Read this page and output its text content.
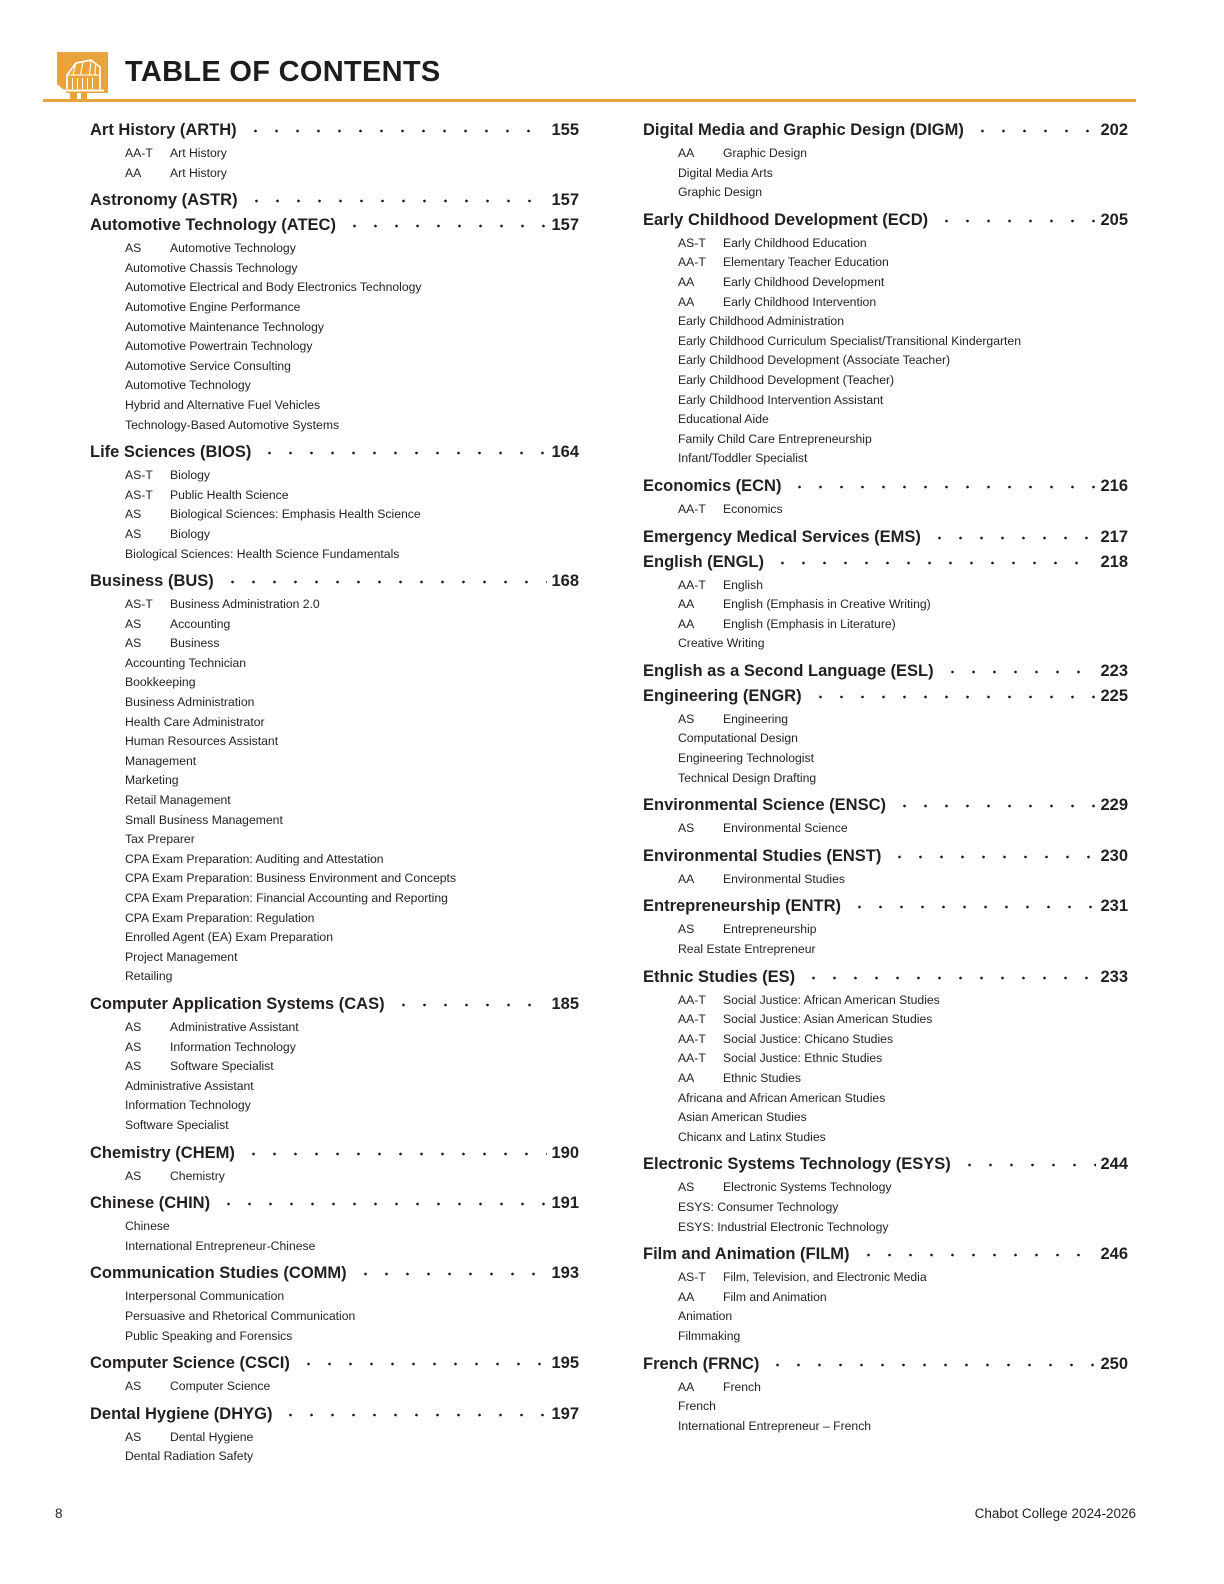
TABLE OF CONTENTS
Art History (ARTH)	155
AA-T	Art History
AA	Art History
Astronomy (ASTR)	157
Automotive Technology (ATEC)	157
AS	Automotive Technology
Automotive Chassis Technology
Automotive Electrical and Body Electronics Technology
Automotive Engine Performance
Automotive Maintenance Technology
Automotive Powertrain Technology
Automotive Service Consulting
Automotive Technology
Hybrid and Alternative Fuel Vehicles
Technology-Based Automotive Systems
Life Sciences (BIOS)	164
AS-T	Biology
AS-T	Public Health Science
AS	Biological Sciences: Emphasis Health Science
AS	Biology
Biological Sciences: Health Science Fundamentals
Business (BUS)	168
AS-T	Business Administration 2.0
AS	Accounting
AS	Business
Accounting Technician
Bookkeeping
Business Administration
Health Care Administrator
Human Resources Assistant
Management
Marketing
Retail Management
Small Business Management
Tax Preparer
CPA Exam Preparation: Auditing and Attestation
CPA Exam Preparation: Business Environment and Concepts
CPA Exam Preparation: Financial Accounting and Reporting
CPA Exam Preparation: Regulation
Enrolled Agent (EA) Exam Preparation
Project Management
Retailing
Computer Application Systems (CAS)	185
AS	Administrative Assistant
AS	Information Technology
AS	Software Specialist
Administrative Assistant
Information Technology
Software Specialist
Chemistry (CHEM)	190
AS	Chemistry
Chinese (CHIN)	191
Chinese
International Entrepreneur-Chinese
Communication Studies (COMM)	193
Interpersonal Communication
Persuasive and Rhetorical Communication
Public Speaking and Forensics
Computer Science (CSCI)	195
AS	Computer Science
Dental Hygiene (DHYG)	197
AS	Dental Hygiene
Dental Radiation Safety
Digital Media and Graphic Design (DIGM)	202
AA	Graphic Design
Digital Media Arts
Graphic Design
Early Childhood Development (ECD)	205
AS-T	Early Childhood Education
AA-T	Elementary Teacher Education
AA	Early Childhood Development
AA	Early Childhood Intervention
Early Childhood Administration
Early Childhood Curriculum Specialist/Transitional Kindergarten
Early Childhood Development (Associate Teacher)
Early Childhood Development (Teacher)
Early Childhood Intervention Assistant
Educational Aide
Family Child Care Entrepreneurship
Infant/Toddler Specialist
Economics (ECN)	216
AA-T	Economics
Emergency Medical Services (EMS)	217
English (ENGL)	218
AA-T	English
AA	English (Emphasis in Creative Writing)
AA	English (Emphasis in Literature)
Creative Writing
English as a Second Language (ESL)	223
Engineering (ENGR)	225
AS	Engineering
Computational Design
Engineering Technologist
Technical Design Drafting
Environmental Science (ENSC)	229
AS	Environmental Science
Environmental Studies (ENST)	230
AA	Environmental Studies
Entrepreneurship (ENTR)	231
AS	Entrepreneurship
Real Estate Entrepreneur
Ethnic Studies (ES)	233
AA-T	Social Justice: African American Studies
AA-T	Social Justice: Asian American Studies
AA-T	Social Justice: Chicano Studies
AA-T	Social Justice: Ethnic Studies
AA	Ethnic Studies
Africana and African American Studies
Asian American Studies
Chicanx and Latinx Studies
Electronic Systems Technology (ESYS)	244
AS	Electronic Systems Technology
ESYS: Consumer Technology
ESYS: Industrial Electronic Technology
Film and Animation (FILM)	246
AS-T	Film, Television, and Electronic Media
AA	Film and Animation
Animation
Filmmaking
French (FRNC)	250
AA	French
French
International Entrepreneur – French
8	Chabot College 2024-2026
